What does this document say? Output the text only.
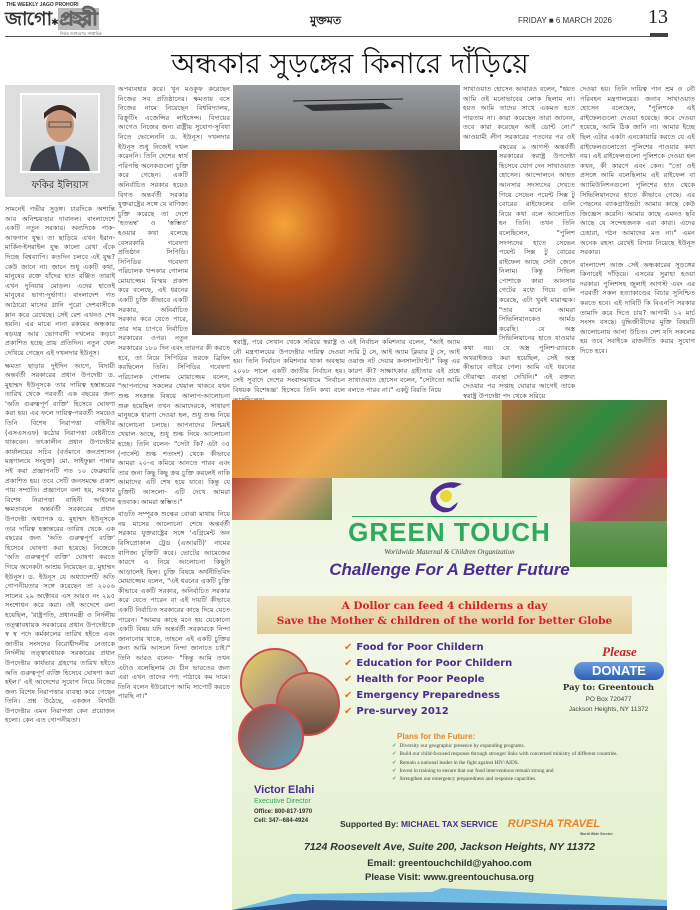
THE WEEKLY JAGO PROHORI
জাগো✱ প্রহরী
নির্ভয় জাগরণের সাপ্তাহিক
মুক্তমত	FRIDAY ■ 6 MARCH 2026 13
অন্ধকার সুড়ঙ্গের কিনারে দাঁড়িয়ে
ফকির ইলিয়াস

সামনেই গভীর সুড়ঙ্গ। চারদিকে অশান্তি আর অনিশ্চয়তার দাবানল। বাংলাদেশে একটি নতুন সরকার। অন্যদিকে পাক-আফগান যুদ্ধ। তা ছাড়িয়ে এখন ইরান-মার্কিন-ইসরাইল যুদ্ধ কালো রেখা এঁকে দিচ্ছে বিশ্বব্যাপি। কতদিন চলবে এই যুদ্ধ? কেউ জানে না। জানে শুধু একটি কথা, মানুষের রক্তে যাঁদের হাত রঞ্জিত তারাই এখন দুনিয়ার মোড়ল। এদের হাতেই মানুষের ভাগ্য-দুর্ভাগ্য। বাংলাদেশ গত আঠারো মাসের গ্লানি পুরো দেশবাসীকে ম্লান করে রেখেছে। সেই রেশ এখনও শেষ হয়নি। এর মাঝে নানা রকমের অন্ধকার ষড়যন্ত্র আর ভোগবাদী দখলের কড়চা প্রকাশিত হচ্ছে প্রায় প্রতিদিন। নতুন খেল দেখিয়ে গেছেন এই দখলদার ইউনূস।

ক্ষমতা ছাড়ার দুইদিন আগে, বিদায়ী অন্তর্বর্তী সরকারের প্রধান উপদেষ্টা ড. মুহাম্মদ ইউনূসকে তার দায়িত্ব হস্তান্তরের তারিখ থেকে পরবর্তী এক বছরের জন্য 'অতি গুরুত্বপূর্ণ ব্যক্তি' হিসেবে ঘোষণা করা হয়। এর ফলে দায়িত্ব-পরবর্তী সময়েও তিনি বিশেষ নিরাপত্তা বাহিনীর (এসএসএফ) কঠোর নিরাপত্তা বেষ্টনীতে থাকবেন। তৎকালীন প্রধান উপদেষ্টার কার্যালয়ের সচিব (বর্তমানে জনপ্রশাসন মন্ত্রণালয়ে সংযুক্ত) মো. সাইফুল্লা পান্নার সই করা প্রজ্ঞাপনটি গত ১০ ফেব্রুয়ারি প্রকাশিত হয়। তবে সেটি জনসমক্ষে প্রকাশ পায় সম্প্রতি। প্রজ্ঞাপনে বলা হয়, সরকার বিশেষ নিরাপত্তা বাহিনী আইনের ক্ষমতাবলে অন্তর্বর্তী সরকারের প্রধান উপদেষ্টা অধ্যাপক ড. মুহাম্মদ ইউনূসকে তার দায়িত্ব হস্তান্তরের তারিখ থেকে এক বছরের জন্য 'অতি গুরুত্বপূর্ণ ব্যক্তি' হিসেবে ঘোষণা করা হয়েছে। নিজেকে 'অতি গুরুত্বপূর্ণ ব্যক্তি' ঘোষণা করতে গিয়ে অনেকটা আশ্রয় নিয়েছেন ড. মুহাম্মদ ইউনূস। ড. ইউনূস যে অধ্যাদেশটি অতি গোপনীয়তার সঙ্গে করেছেন তা ২০০৬ সালের ২৯ অক্টোবর এস আরও নং ২৯৫ সংশোধন করে করা। ওই আদেশে বলা হয়েছিল, 'রাষ্ট্রপতি, প্রধানমন্ত্রী ও নির্দলীয় তত্ত্বাবধায়ক সরকারের প্রধান উপদেষ্টাকে স্ব স্ব পদে কর্মকালের তারিখ হইতে এবং জাতীয় সংসদের বিরোধীদলীয় নেতাকে নির্দলীয় তত্ত্বাবধায়ক সরকারের প্রধান উপদেষ্টার কার্যভার গ্রহণের তারিখ হইতে অতি গুরুত্বপূর্ণ ব্যক্তি হিসেবে ঘোষণা করা হইল।' এই আদেশের সুযোগ নিয়ে নিজের জন্য বিশেষ নিরাপত্তার ব্যবস্থা করে গেছেন তিনি। প্রশ্ন উঠেছে, একজন বিদায়ী উপদেষ্টার এমন নিরাপত্তা কেন প্রয়োজন হলো। কেন এত গোপনীয়তা।

অপব্যবহার করে। খুন মওকুফ করেছেন নিজের সব প্রতিষ্ঠানের। ক্ষমতায় বসে নিজের নামে নিয়েছেন বিশ্ববিদ্যালয়, রিক্রুটিং এজেন্সির লাইসেন্স। বিদায়ের আগেও নিজের জন্য রাষ্ট্রীয় সুযোগ-সুবিধা নিতে ভোলেননি ড. ইউনূস। দখলদার ইউনূস শুধু নিজেই দখল করেননি। তিনি দেশের স্বার্থ পরিপন্থি অনেকগুলো চুক্তি করে গেছেন। একটি অনির্বাচিত সরকার হয়েও বিগত অন্তর্বর্তী সরকার যুক্তরাষ্ট্রের সঙ্গে যে বাণিজ্য চুক্তি করেছে তা দেশে 'হতভম্ব' ও 'স্তম্ভিত' হওয়ার কথা বলেছে বেসরকারি গবেষণা প্রতিষ্ঠান সিপিডি। সিপিডির গবেষণা পরিচালক খন্দকার গোলাম মোয়াজ্জেম বিস্ময় প্রকাশ করে বলেছে, এই ধরনের একটি চুক্তি কীভাবে একটি সরকার, অনির্বাচিত সরকার করে যেতে পারে, তার দায় চাপবে নির্বাচিত সরকারের ওপর। নতুন সরকারের ১৮০ দিন এবং তারপর কী করতে হবে, তা নিয়ে সিপিডির তরফে ব্রিফিং করছিলেন তিনি। সিপিডির গবেষণা পরিচালক গোলাম মোয়াজ্জেম বলেন, "আপনাদের সকলের খেয়াল থাকবে যখন শুল্ক সংক্রান্ত বিষয়ে আলাপ-আলোচনা শুরু হয়েছিল তখন আমাদেরকে, সাধারণ মানুষকে ধারণা দেওয়া হল, শুধু শুল্ক নিয়ে আলোচনা চলছে। আপনাদের নিশ্চয়ই খেয়াল আছে, শুধু শুল্ক নিয়ে আলোচনা হচ্ছে। তিনি বলেন- "সেটা কি? এটা ৩৫ (পার্সেন্ট শুল্ক শতাংশ) থেকে কীভাবে আমরা ২০-এ কমিয়ে আনতে পারব এবং তার জন্য কিছু কিছু ক্রয় চুক্তি করলেই নাকি আমাদের এটি শেষ হয়ে যাবে। কিন্তু যে চুক্তিটি আসলো- এটি দেখে আমরা হতবাক। আমরা স্তম্ভিত।"

বাড়তি সম্পূরক শুল্কের বোঝা মাথায় নিয়ে নয় মাসের আলোচনা শেষে অন্তর্বর্তী সরকার যুক্তরাষ্ট্রের সঙ্গে 'এগ্রিমেন্ট অন রিসিপ্রোকাল ট্রেড (এআরটি)' নামের বাণিজ্য চুক্তিটি করে। ভোটের আমেজের কারণে এ নিয়ে আলোচনা কিছুটা আড়ালেই ছিল। চুক্তি বিষয়ে অর্থনীতিবিদ মোয়াজ্জেম বলেন, "এই ধরনের একটি চুক্তি কীভাবে একটি সরকার, অনির্বাচিত সরকার করে যেতে পারেন বা এই দায়টি কীভাবে একটি নির্বাচিত সরকারের কাছে দিয়ে যেতে পারেন। "আমার কাছে মনে হয় যেকোনো একটি বিষয় যদি অন্তর্বর্তী সরকারকে নিন্দা জানানোর থাকে, তাহলে এই একটি চুক্তির জন্য আমি আসলে নিন্দা জানাতে চাই।" তিনি আরও বলেন- "কিন্তু আমি তখন এটাও বলেছিলাম যে চীন ভারতের জন্য এরা এখন তাদের পণ্য পাঠাবে কম দামে। তিনি বলেন ইউরোপে আমি সাপোর্ট করতে পারছি না।"

স্বরাষ্ট্র, পরে সেখান থেকে সরিয়ে স্বরাষ্ট্র ও নৌ মন্ত্রণালয়ের উপদেষ্টার দায়িত্ব দেওয়া হয়। তিনি নির্বাচন কমিশনার থাকা অবস্থায় ২০০৮ সালে একটি জাতীয় নির্বাচন হয়। সেই সুবাদে দেশের সংবাদমাধ্যমে 'নির্বাচন বিষয়ক বিশেষজ্ঞ' হিসেবে তিনি কথা বলে

এই নির্বাচন কমিশনার বলেন, "আই অ্যাম স্যরি টু সে, আই অ্যাম ক্লিয়ার টু সে, আই ওয়াজ নট দেয়ার কনসালট্যান্ট।" কিন্তু এর কারণ কী? সাক্ষাৎকার গ্রহীতার এই প্রশ্নে সাখাওয়াত হোসেন বলেন, "সেটাতো আমি বলতে পারব না।" একটু বিরতি নিয়ে

সাখাওয়াত হোসেন আবারও বলেন, "হয়ত আমি ওই মনোভাবের লোক ছিলাম না। হয়ত আমি তাদের সাথে একমত হতে পারতাম না। কারা করেছেন তারা জানেন, তবে কারা করেছেন আই ডোন্ট নো।" আওয়ামী লীগ সরকারের পতনের পর ওই বছরের ৯ আগস্ট অন্তর্বর্তী সরকারের স্বরাষ্ট্র উপদেষ্টা হিসেবে যোগ দেন সাখাওয়াত হোসেন। আন্দোলনে আহত আনসার সদস্যদের দেখতে গিয়ে সেভেন পয়েন্ট সিক্স টু বোরের রাইফেলের গুলি নিয়ে কথা বলে আলোচিত হন তিনি। তখন তিনি বলেছিলেন, "পুলিশ সদস্যদের হাতে সেভেন পয়েন্ট সিক্স টু বোরের রাইফেল আছে সেটা জেনে নিলাম। কিন্তু সিভিল পোশাকে কারা আনসার গেটের মধ্যে গিয়ে গুলি করেছে, এটা খুবই মারাত্মক। "তার মানে আমরা সিভিলিয়ানকেও আর্মড করেছি। যে অস্ত্র সিভিলিয়ানের হাতে যাওয়ার কথা নয়। যে অস্ত্র পুলিশ-র‌্যাবকে অথরাইজড করা হয়েছিল, সেই অস্ত্র কীভাবে বাইরে গেল। আমি এই ধরনের দৌরাত্ম্য ব্যবস্থা দেখিনি।" এই বক্তব্য দেওয়ার পর সপ্তাহ ঘোরার আগেই তাকে স্বরাষ্ট্র উপদেষ্টা পদ থেকে সরিয়ে

দেওয়া হয়। তিনি দায়িত্ব পান শ্রম ও নৌ পরিবহন মন্ত্রণালয়ের। জনাব সাখাওয়াত হোসেন বলেছেন, "পুলিশকে এই রাইফেলগুলো দেওয়া হয়েছে। কবে দেওয়া হয়েছে, আমি ঠিক জানি না। আমার ইচ্ছে ছিল এটার একটা এনকোয়ারি করতে যে এই রাইফেলগুলোতো পুলিশের পাওয়ার কথা নয়। এই রাইফেলগুলো পুলিশকে দেওয়া হল কখন, কী কারণে এবং কেন। "তো ওই প্রসঙ্গে আমি বলেছিলাম এই রাইফেল বা অ্যামিউনিশনগুলো পুলিশের হাত থেকে সিভিলিয়ানদের হাতে কীভাবে গেছে। এর পেছনের ব্যাকগ্রাউন্ডটা আমার কাছে কেউ জিজ্ঞেস করেনি। আমার কাছে এমনও ছবি আছে যে সন্দেহজনক এরা কারা। এদের চেহারা, গঠন আমাদের মত না।" এমন অনেক রহস্য রেখেই বিদায় নিয়েছে ইউনূস সরকার।

বাংলাদেশ আজ সেই অন্ধকারের সুড়ঙ্গের কিনারেই দাঁড়িয়ে। এসবের সুরাহা হওয়া দরকার। পুলিশসহ জুলাই আগস্ট এবং এর পরবর্তী সকল হত্যাকাণ্ডের বিচার সুনিশ্চিত করতে হবে। এই দাবিটি কি বিএনপি সরকার তামাদি করে দিতে চায়? আগামী ১২ মার্চ সংসদ বসছে। বুদ্ধিজীবীদের মুক্তি বিষয়টি আলোচনায় আনা উচিত। দেশ যদি সকলের হয় তবে সবাইকে রাজনীতি করার সুযোগ দিতে হবে।

GREEN TOUCH
Worldwide Maternal & Children Organization
Challenge For A Better Future
A Dollor can feed 4 childerns a day
Save the Mother & children of the world for better Globe
✔ Food for Poor Childern
✔ Education for Poor Childern
✔ Health for Poor People
✔ Emergency Preparedness
✔ Pre-survey 2012
Please
DONATE
Pay to: Greentouch
PO Box 720477
Jackson Heights, NY 11372
Plans for the Future:
✔ Diversity our geographic presence by expanding programs.
✔ Build our child-focused response through stronger links with concerned ministry of different countries.
✔ Remain a national leader in the fight against HIV/AIDS.
✔ Invest in training to ensure that our food interventions remain strong and
✔ Strengthen our emergency preparedness and response capacities.
Victor Elahi
Executive Director
Office: 800-817-1970
Cell: 347--684-4924	Supported By: MICHAEL TAX SERVICE RUPSHA TRAVEL
World Wide Service
7124 Roosevelt Ave, Suite 200, Jackson Heights, NY 11372
Email: greentouchchild@yahoo.com
Please Visit: www.greentouchusa.org
